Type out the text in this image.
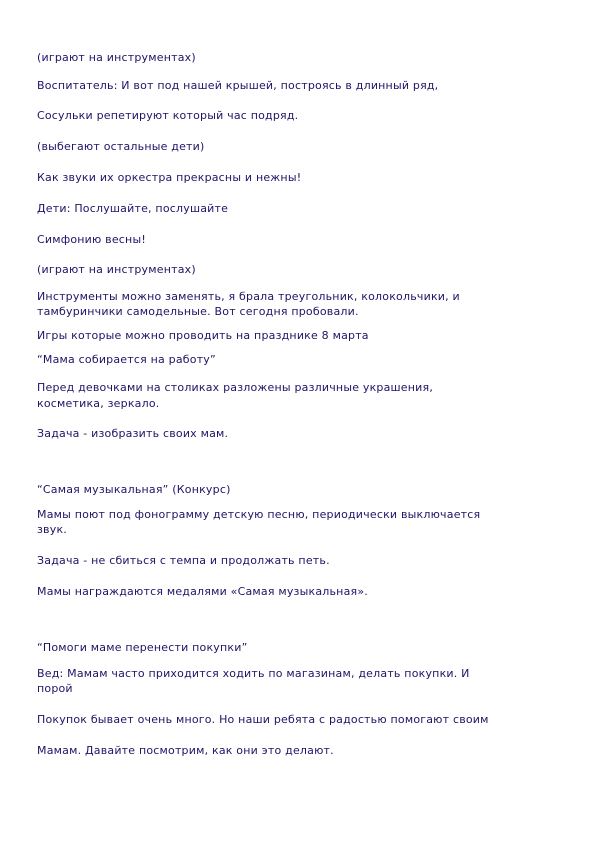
(играют на инструментах)
Воспитатель: И вот под нашей крышей, построясь в длинный ряд,
Сосульки репетируют который час подряд.
(выбегают остальные дети)
Как звуки их оркестра прекрасны и нежны!
Дети: Послушайте, послушайте
Симфонию весны!
(играют на инструментах)
Инструменты можно заменять, я брала треугольник, колокольчики, и
тамбуринчики самодельные. Вот сегодня пробовали.
Игры которые можно проводить на празднике 8 марта
“Мама собирается на работу”
Перед девочками на столиках разложены различные украшения,
косметика, зеркало.
Задача - изобразить своих мам.
“Самая музыкальная” (Конкурс)
Мамы поют под фонограмму детскую песню, периодически выключается
звук.
Задача - не сбиться с темпа и продолжать петь.
Мамы награждаются медалями «Самая музыкальная».
“Помоги маме перенести покупки”
Вед: Мамам часто приходится ходить по магазинам, делать покупки. И
порой
Покупок бывает очень много. Но наши ребята с радостью помогают своим
Мамам. Давайте посмотрим, как они это делают.
